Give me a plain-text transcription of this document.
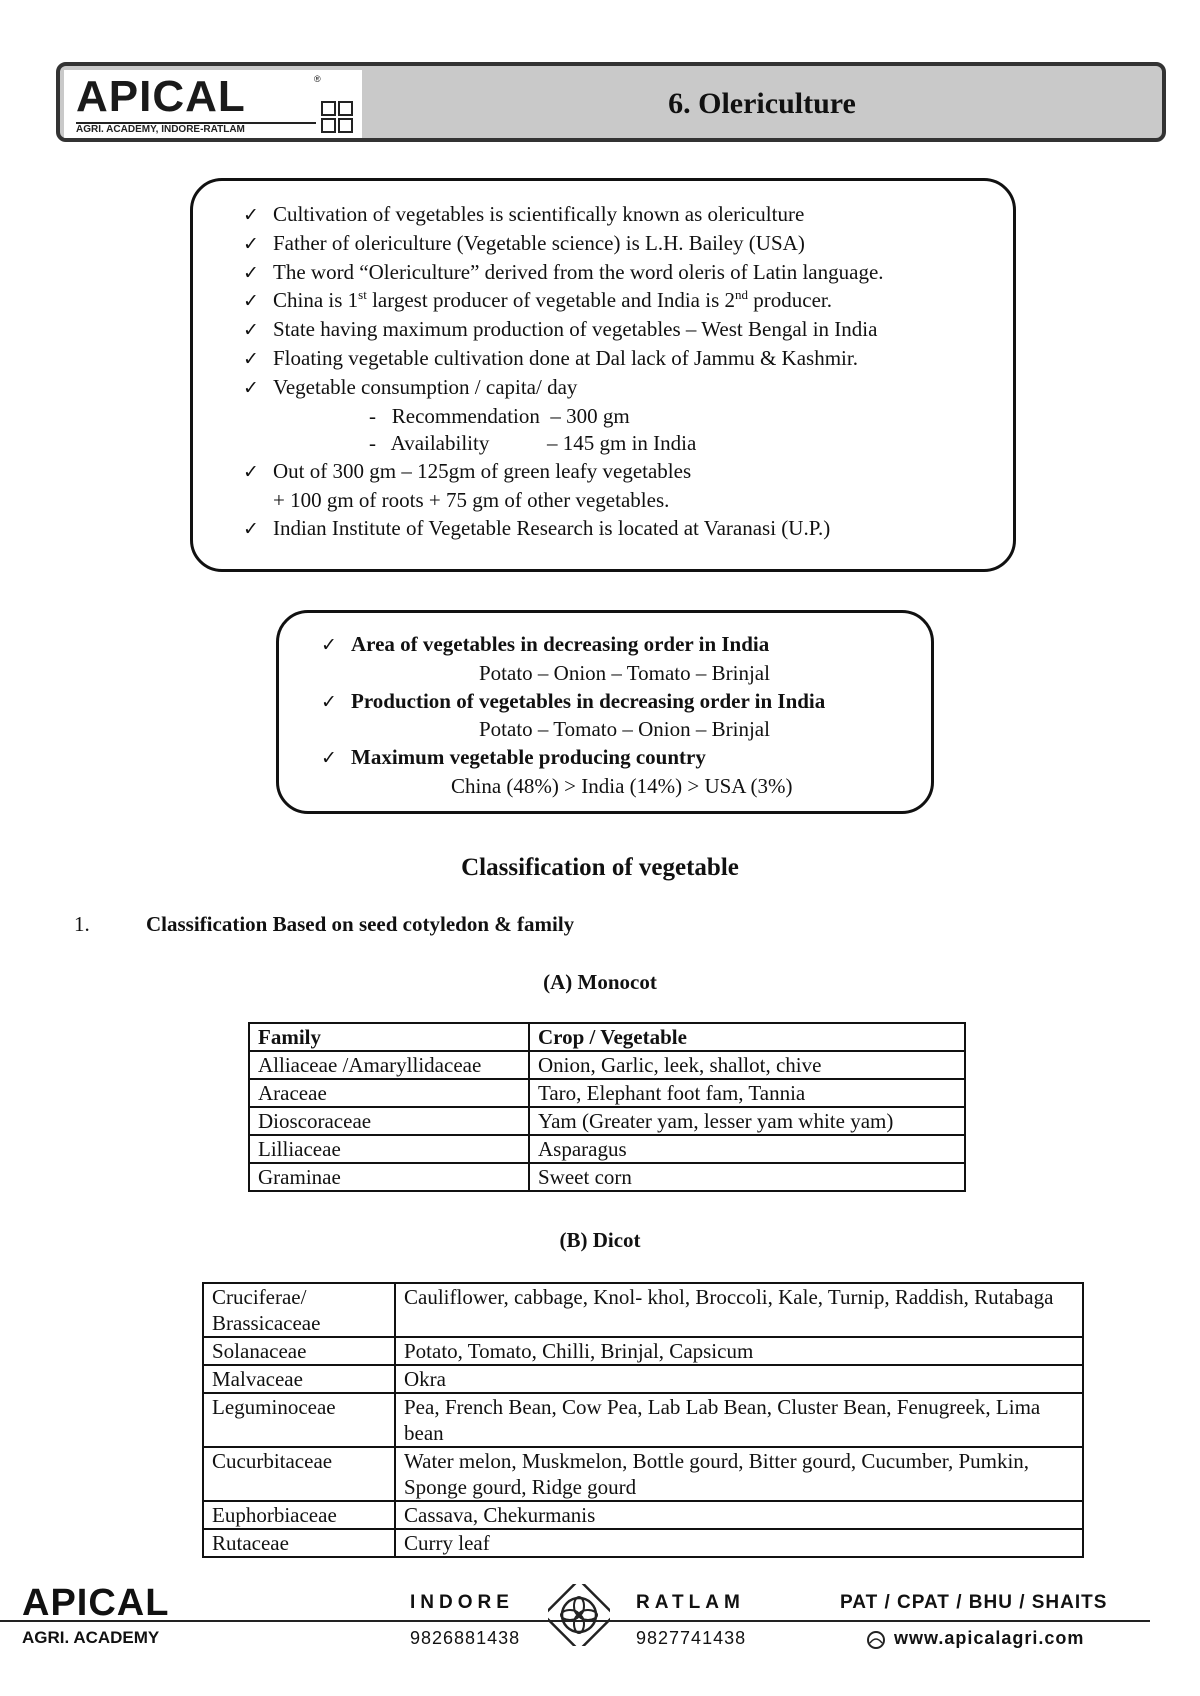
APICAL	®
AGRI. ACADEMY, INDORE-RATLAM
6. Olericulture
✓ Cultivation of vegetables is scientifically known as olericulture
✓ Father of olericulture (Vegetable science) is L.H. Bailey (USA)
✓ The word “Olericulture” derived from the word oleris of Latin language.
✓ China is 1st largest producer of vegetable and India is 2nd producer.
✓ State having maximum production of vegetables – West Bengal in India
✓ Floating vegetable cultivation done at Dal lack of Jammu & Kashmir.
✓ Vegetable consumption / capita/ day
-   Recommendation  – 300 gm
-   Availability	– 145 gm in India
✓ Out of 300 gm – 125gm of green leafy vegetables
+ 100 gm of roots + 75 gm of other vegetables.
✓ Indian Institute of Vegetable Research is located at Varanasi (U.P.)
✓ Area of vegetables in decreasing order in India
Potato – Onion – Tomato – Brinjal
✓ Production of vegetables in decreasing order in India
Potato – Tomato – Onion – Brinjal
✓ Maximum vegetable producing country
China (48%) > India (14%) > USA (3%)
Classification of vegetable
1.	Classification Based on seed cotyledon & family
(A) Monocot
Family	Crop / Vegetable
Alliaceae /Amaryllidaceae	Onion, Garlic, leek, shallot, chive
Araceae	Taro, Elephant foot fam, Tannia
Dioscoraceae	Yam (Greater yam, lesser yam white yam)
Lilliaceae	Asparagus
Graminae	Sweet corn
(B) Dicot
Cruciferae/ Brassicaceae	Cauliflower, cabbage, Knol- khol, Broccoli, Kale, Turnip, Raddish, Rutabaga
Solanaceae	Potato, Tomato, Chilli, Brinjal, Capsicum
Malvaceae	Okra
Leguminoceae	Pea, French Bean, Cow Pea, Lab Lab Bean, Cluster Bean, Fenugreek, Lima bean
Cucurbitaceae	Water melon, Muskmelon, Bottle gourd, Bitter gourd, Cucumber, Pumkin, Sponge gourd, Ridge gourd
Euphorbiaceae	Cassava, Chekurmanis
Rutaceae	Curry leaf
APICAL
AGRI. ACADEMY
INDORE
9826881438
RATLAM
9827741438
PAT / CPAT / BHU / SHAITS
www.apicalagri.com
